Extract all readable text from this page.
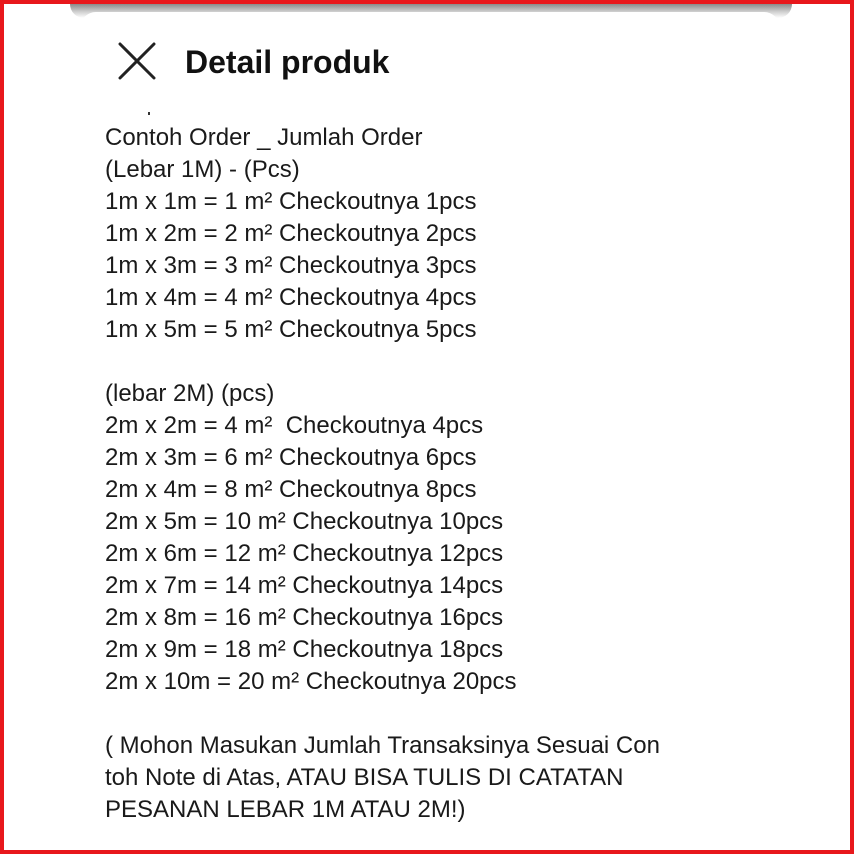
Detail produk
Contoh Order _ Jumlah Order
(Lebar 1M) - (Pcs)
1m x 1m = 1 m² Checkoutnya 1pcs
1m x 2m = 2 m² Checkoutnya 2pcs
1m x 3m = 3 m² Checkoutnya 3pcs
1m x 4m = 4 m² Checkoutnya 4pcs
1m x 5m = 5 m² Checkoutnya 5pcs
(lebar 2M) (pcs)
2m x 2m = 4 m²  Checkoutnya 4pcs
2m x 3m = 6 m² Checkoutnya 6pcs
2m x 4m = 8 m² Checkoutnya 8pcs
2m x 5m = 10 m² Checkoutnya 10pcs
2m x 6m = 12 m² Checkoutnya 12pcs
2m x 7m = 14 m² Checkoutnya 14pcs
2m x 8m = 16 m² Checkoutnya 16pcs
2m x 9m = 18 m² Checkoutnya 18pcs
2m x 10m = 20 m² Checkoutnya 20pcs
( Mohon Masukan Jumlah Transaksinya Sesuai Con
toh Note di Atas, ATAU BISA TULIS DI CATATAN
PESANAN LEBAR 1M ATAU 2M!)
